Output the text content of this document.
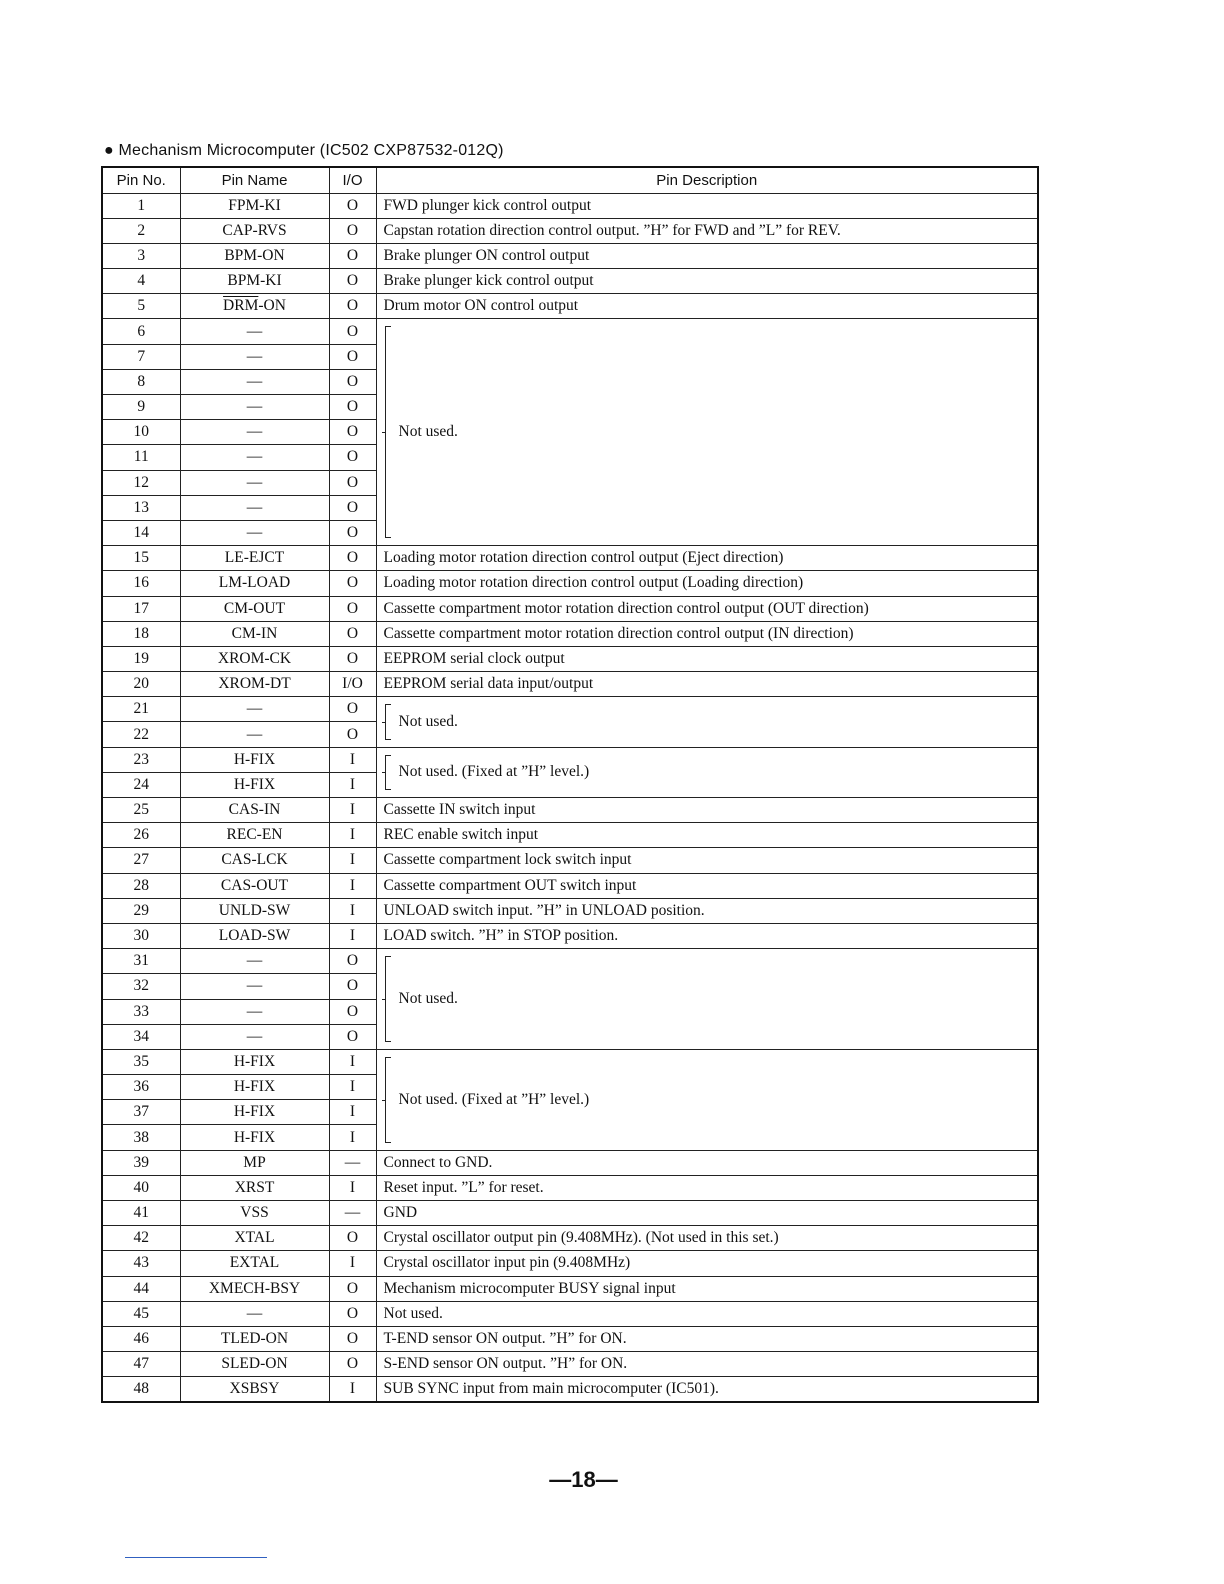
● Mechanism Microcomputer (IC502 CXP87532-012Q)
Pin No.	Pin Name	I/O	Pin Description
1	FPM-KI	O	FWD plunger kick control output
2	CAP-RVS	O	Capstan rotation direction control output. ”H” for FWD and ”L” for REV.
3	BPM-ON	O	Brake plunger ON control output
4	BPM-KI	O	Brake plunger kick control output
5	$\overline{DRM}-ON$	O	Drum motor ON control output
6	—	O	Not used.

7	—	O	
8	—	O	
9	—	O	
10	—	O	
11	—	O	
12	—	O	
13	—	O	
14	—	O	
15	LE-EJCT	O	Loading motor rotation direction control output (Eject direction)
16	LM-LOAD	O	Loading motor rotation direction control output (Loading direction)
17	CM-OUT	O	Cassette compartment motor rotation direction control output (OUT direction)
18	CM-IN	O	Cassette compartment motor rotation direction control output (IN direction)
19	XROM-CK	O	EEPROM serial clock output
20	XROM-DT	I/O	EEPROM serial data input/output
21	—	O	Not used.

22	—	O	
23	H-FIX	I	Not used. (Fixed at ”H” level.)

24	H-FIX	I	
25	CAS-IN	I	Cassette IN switch input
26	REC-EN	I	REC enable switch input
27	CAS-LCK	I	Cassette compartment lock switch input
28	CAS-OUT	I	Cassette compartment OUT switch input
29	UNLD-SW	I	UNLOAD switch input. ”H” in UNLOAD position.
30	LOAD-SW	I	LOAD switch. ”H” in STOP position.
31	—	O	Not used.

32	—	O	
33	—	O	
34	—	O	
35	H-FIX	I	Not used. (Fixed at ”H” level.)

36	H-FIX	I	
37	H-FIX	I	
38	H-FIX	I	
39	MP	—	Connect to GND.
40	XRST	I	Reset input. ”L” for reset.
41	VSS	—	GND
42	XTAL	O	Crystal oscillator output pin (9.408MHz). (Not used in this set.)
43	EXTAL	I	Crystal oscillator input pin (9.408MHz)
44	XMECH-BSY	O	Mechanism microcomputer BUSY signal input
45	—	O	Not used.
46	TLED-ON	O	T-END sensor ON output. ”H” for ON.
47	SLED-ON	O	S-END sensor ON output. ”H” for ON.
48	XSBSY	I	SUB SYNC input from main microcomputer (IC501).
—18—
